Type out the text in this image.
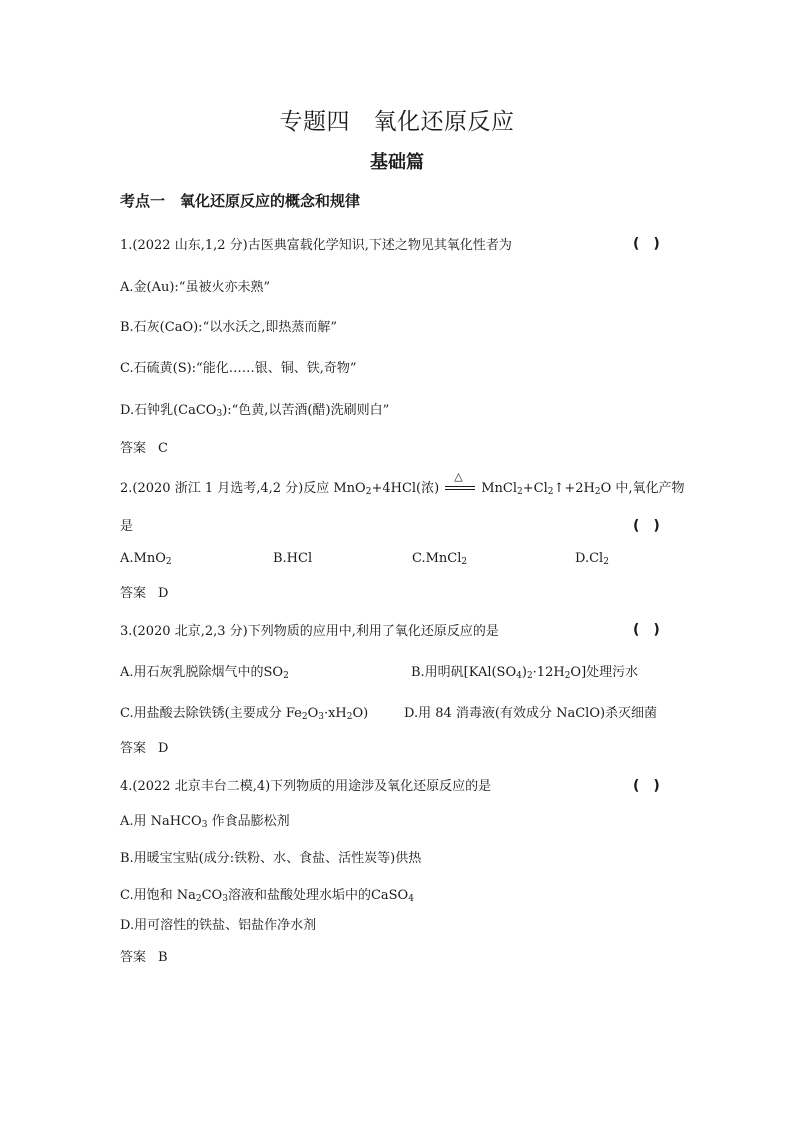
专题四　氧化还原反应
基础篇
考点一　氧化还原反应的概念和规律
1.(2022 山东,1,2 分)古医典富载化学知识,下述之物见其氧化性者为	(　)
A.金(Au):“虽被火亦未熟”
B.石灰(CaO):“以水沃之,即热蒸而解”
C.石硫黄(S):“能化……银、铜、铁,奇物”
D.石钟乳(CaCO$_3$):“色黄,以苦酒(醋)洗刷则白”
答案 C
2.(2020 浙江 1 月选考,4,2 分)反应 MnO$_2$+4HCl(浓)
△
$MnCl_2+Cl_2↑+2H_2O$ 中,氧化产物
是	(　)
A.MnO$_2$	B.HCl	C.MnCl$_2$	$D.Cl_2$
答案 D
3.(2020 北京,2,3 分)下列物质的应用中,利用了氧化还原反应的是	(　)
A.用石灰乳脱除烟气中的$SO_2$	B.用明矾$[KAl(SO_4)_2\cdot 12H_2O]$处理污水
C.用盐酸去除铁锈(主要成分 $Fe_2O_3\cdot xH_2O$)	D.用 84 消毒液(有效成分 NaClO)杀灭细菌
答案 D
4.(2022 北京丰台二模,4)下列物质的用途涉及氧化还原反应的是	(　)
A.用 NaHCO$_3$ 作食品膨松剂
B.用暖宝宝贴(成分:铁粉、水、食盐、活性炭等)供热
C.用饱和 $Na_2CO_3$溶液和盐酸处理水垢中的CaSO$_4$
D.用可溶性的铁盐、铝盐作净水剂
答案 B
